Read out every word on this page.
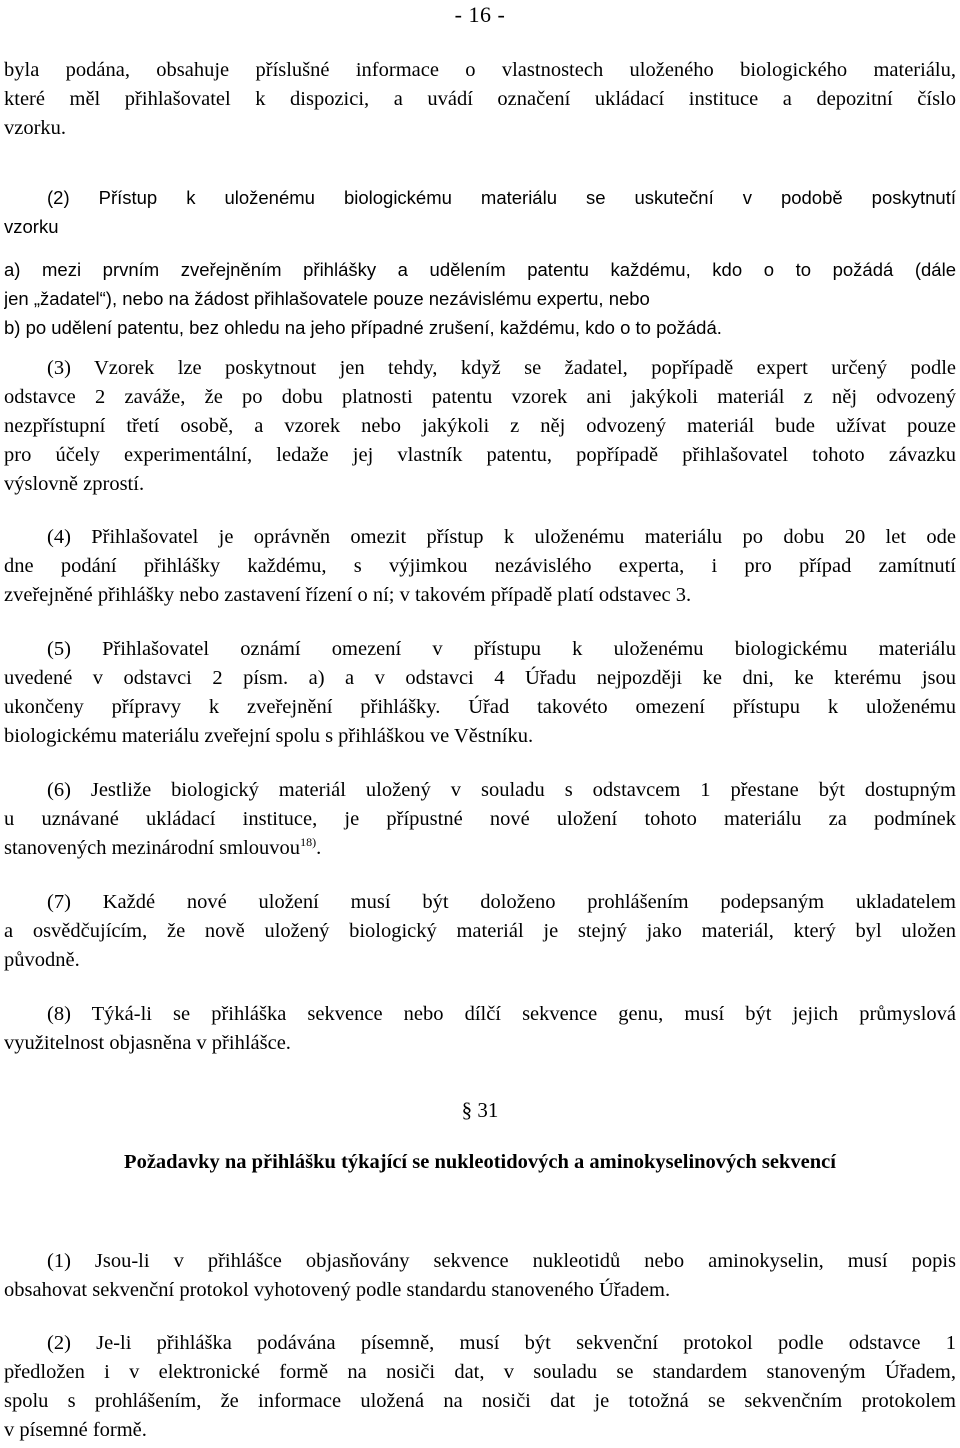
- 16 -
byla podána, obsahuje příslušné informace o vlastnostech uloženého biologického materiálu,
které měl přihlašovatel k dispozici, a uvádí označení ukládací instituce a depozitní číslo
vzorku.
(2) Přístup k uloženému biologickému materiálu se uskuteční v podobě poskytnutí
vzorku
a) mezi prvním zveřejněním přihlášky a udělením patentu každému, kdo o to požádá (dále
jen „žadatel“), nebo na žádost přihlašovatele pouze nezávislému expertu, nebo
b) po udělení patentu, bez ohledu na jeho případné zrušení, každému, kdo o to požádá.
(3) Vzorek lze poskytnout jen tehdy, když se žadatel, popřípadě expert určený podle
odstavce 2 zaváže, že po dobu platnosti patentu vzorek ani jakýkoli materiál z něj odvozený
nezpřístupní třetí osobě, a vzorek nebo jakýkoli z něj odvozený materiál bude užívat pouze
pro účely experimentální, ledaže jej vlastník patentu, popřípadě přihlašovatel tohoto závazku
výslovně zprostí.
(4) Přihlašovatel je oprávněn omezit přístup k uloženému materiálu po dobu 20 let ode
dne podání přihlášky každému, s výjimkou nezávislého experta, i pro případ zamítnutí
zveřejněné přihlášky nebo zastavení řízení o ní; v takovém případě platí odstavec 3.
(5) Přihlašovatel oznámí omezení v přístupu k uloženému biologickému materiálu
uvedené v odstavci 2 písm. a) a v odstavci 4 Úřadu nejpozději ke dni, ke kterému jsou
ukončeny přípravy k zveřejnění přihlášky. Úřad takovéto omezení přístupu k uloženému
biologickému materiálu zveřejní spolu s přihláškou ve Věstníku.
(6) Jestliže biologický materiál uložený v souladu s odstavcem 1 přestane být dostupným
u uznávané ukládací instituce, je přípustné nové uložení tohoto materiálu za podmínek
stanovených mezinárodní smlouvou$^{18)}$.
(7) Každé nové uložení musí být doloženo prohlášením podepsaným ukladatelem
a osvědčujícím, že nově uložený biologický materiál je stejný jako materiál, který byl uložen
původně.
(8) Týká-li se přihláška sekvence nebo dílčí sekvence genu, musí být jejich průmyslová
využitelnost objasněna v přihlášce.
§ 31
Požadavky na přihlášku týkající se nukleotidových a aminokyselinových sekvencí
(1) Jsou-li v přihlášce objasňovány sekvence nukleotidů nebo aminokyselin, musí popis
obsahovat sekvenční protokol vyhotovený podle standardu stanoveného Úřadem.
(2) Je-li přihláška podávána písemně, musí být sekvenční protokol podle odstavce 1
předložen i v elektronické formě na nosiči dat, v souladu se standardem stanoveným Úřadem,
spolu s prohlášením, že informace uložená na nosiči dat je totožná se sekvenčním protokolem
v písemné formě.
